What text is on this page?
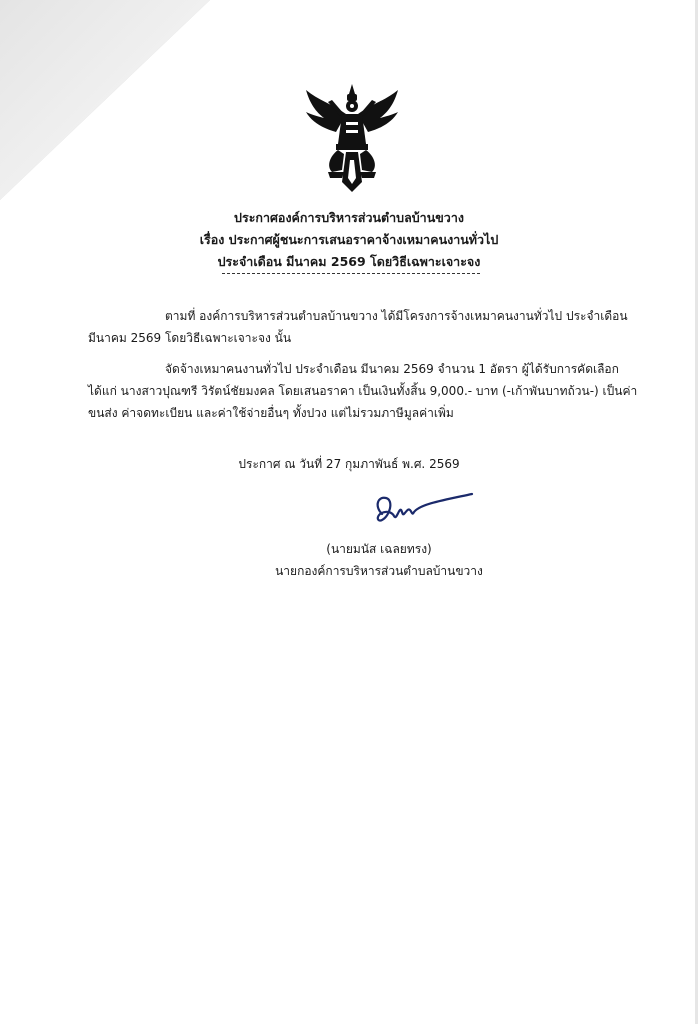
ประกาศองค์การบริหารส่วนตำบลบ้านขวาง
เรื่อง ประกาศผู้ชนะการเสนอราคาจ้างเหมาคนงานทั่วไป
ประจำเดือน มีนาคม 2569 โดยวิธีเฉพาะเจาะจง
ตามที่ องค์การบริหารส่วนตำบลบ้านขวาง ได้มีโครงการจ้างเหมาคนงานทั่วไป ประจำเดือน
มีนาคม 2569 โดยวิธีเฉพาะเจาะจง นั้น
จัดจ้างเหมาคนงานทั่วไป ประจำเดือน มีนาคม 2569 จำนวน 1 อัตรา ผู้ได้รับการคัดเลือก
ได้แก่ นางสาวปุณฑรี วิรัตน์ชัยมงคล โดยเสนอราคา เป็นเงินทั้งสิ้น 9,000.- บาท (-เก้าพันบาทถ้วน-) เป็นค่า
ขนส่ง ค่าจดทะเบียน และค่าใช้จ่ายอื่นๆ ทั้งปวง แต่ไม่รวมภาษีมูลค่าเพิ่ม
ประกาศ ณ วันที่ 27 กุมภาพันธ์ พ.ศ. 2569
(นายมนัส เฉลยทรง)
นายกองค์การบริหารส่วนตำบลบ้านขวาง
